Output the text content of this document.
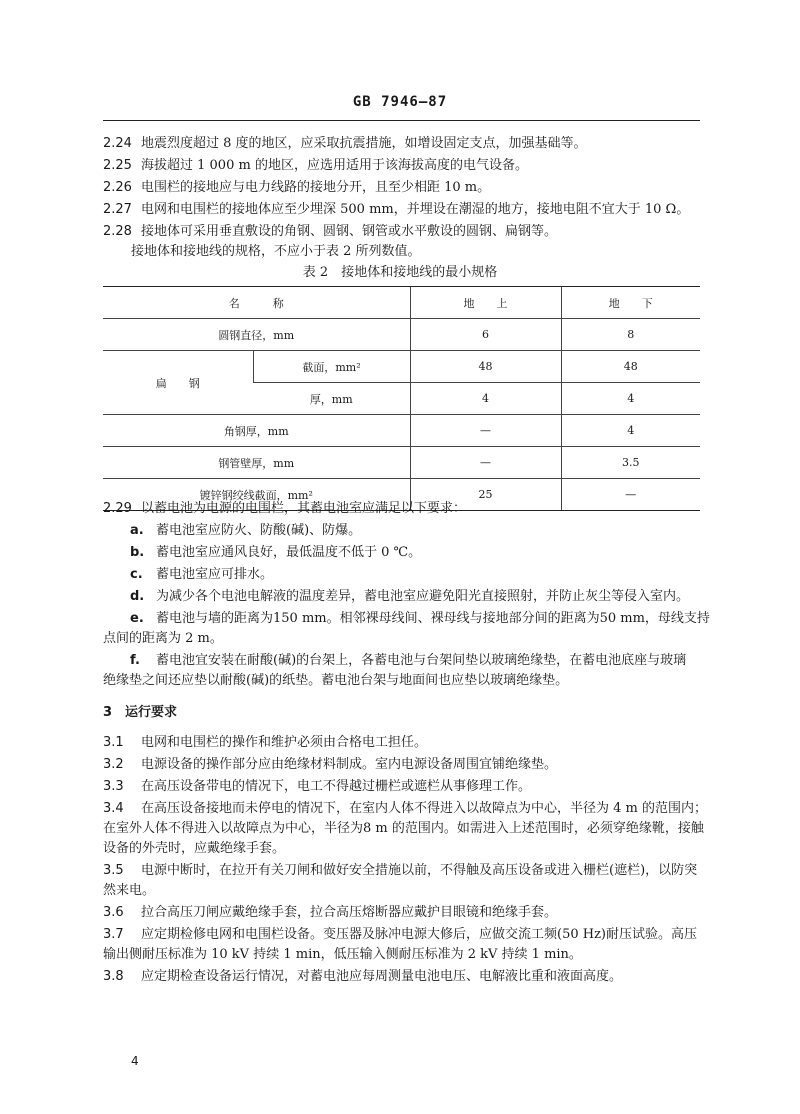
GB 7946—87
2.24 地震烈度超过 8 度的地区，应采取抗震措施，如增设固定支点，加强基础等。
2.25 海拔超过 1 000 m 的地区，应选用适用于该海拔高度的电气设备。
2.26 电围栏的接地应与电力线路的接地分开，且至少相距 10 m。
2.27 电网和电围栏的接地体应至少埋深 500 mm，并埋设在潮湿的地方，接地电阻不宜大于 10 Ω。
2.28 接地体可采用垂直敷设的角钢、圆钢、钢管或水平敷设的圆钢、扁钢等。
接地体和接地线的规格，不应小于表 2 所列数值。
表 2　接地体和接地线的最小规格
名　　　称		地　　上	地　　下
圆钢直径，mm		6	8
扁　　钢	截面，mm²	48	48
	厚，mm	4	4
角钢厚，mm		—	4
钢管壁厚，mm		—	3.5
镀锌钢绞线截面，mm²		25	—
2.29 以蓄电池为电源的电围栏，其蓄电池室应满足以下要求：
a. 蓄电池室应防火、防酸(碱)、防爆。
b. 蓄电池室应通风良好，最低温度不低于 0 ℃。
c. 蓄电池室应可排水。
d. 为减少各个电池电解液的温度差异，蓄电池室应避免阳光直接照射，并防止灰尘等侵入室内。
e. 蓄电池与墙的距离为150 mm。相邻裸母线间、裸母线与接地部分间的距离为50 mm，母线支持
点间的距离为 2 m。
f. 蓄电池宜安装在耐酸(碱)的台架上，各蓄电池与台架间垫以玻璃绝缘垫，在蓄电池底座与玻璃
绝缘垫之间还应垫以耐酸(碱)的纸垫。蓄电池台架与地面间也应垫以玻璃绝缘垫。
3　运行要求
3.1 电网和电围栏的操作和维护必须由合格电工担任。
3.2 电源设备的操作部分应由绝缘材料制成。室内电源设备周围宜铺绝缘垫。
3.3 在高压设备带电的情况下，电工不得越过栅栏或遮栏从事修理工作。
3.4 在高压设备接地而未停电的情况下，在室内人体不得进入以故障点为中心，半径为 4 m 的范围内；
在室外人体不得进入以故障点为中心，半径为8 m 的范围内。如需进入上述范围时，必须穿绝缘靴，接触
设备的外壳时，应戴绝缘手套。
3.5 电源中断时，在拉开有关刀闸和做好安全措施以前，不得触及高压设备或进入栅栏(遮栏)，以防突
然来电。
3.6 拉合高压刀闸应戴绝缘手套，拉合高压熔断器应戴护目眼镜和绝缘手套。
3.7 应定期检修电网和电围栏设备。变压器及脉冲电源大修后，应做交流工频(50 Hz)耐压试验。高压
输出侧耐压标准为 10 kV 持续 1 min，低压输入侧耐压标准为 2 kV 持续 1 min。
3.8 应定期检查设备运行情况，对蓄电池应每周测量电池电压、电解液比重和液面高度。
4
